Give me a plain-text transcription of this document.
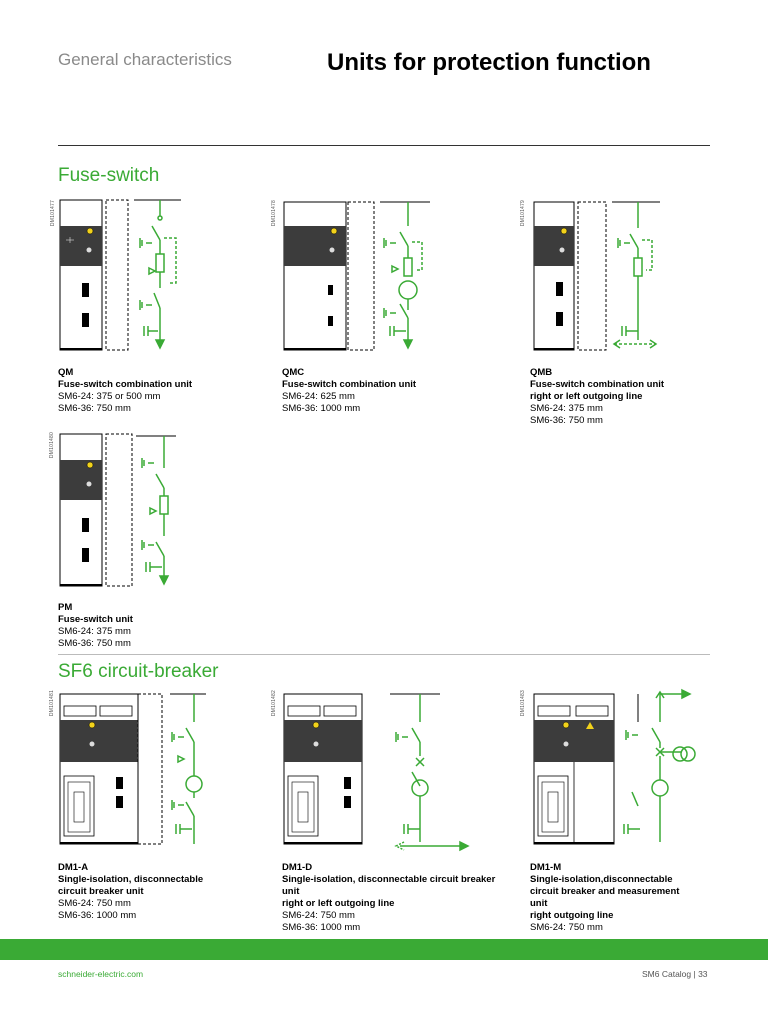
General characteristics	Units for protection function
Fuse-switch
DM101477
QM
Fuse-switch combination unit
SM6-24: 375 or 500 mm
SM6-36: 750 mm
DM101478
QMC
Fuse-switch combination unit
SM6-24: 625 mm
SM6-36: 1000 mm
DM101479
QMB
Fuse-switch combination unit
right or left outgoing line
SM6-24: 375 mm
SM6-36: 750 mm
DM101480
PM
Fuse-switch unit
SM6-24: 375 mm
SM6-36: 750 mm
SF6 circuit-breaker
DM101481
DM1-A
Single-isolation, disconnectable
circuit breaker unit
SM6-24: 750 mm
SM6-36: 1000 mm
DM101482
DM1-D
Single-isolation, disconnectable circuit breaker
unit
right or left outgoing line
SM6-24: 750 mm
SM6-36: 1000 mm
DM101483
DM1-M
Single-isolation,disconnectable
circuit breaker and measurement
unit
right outgoing line
SM6-24: 750 mm
schneider-electric.com	SM6 Catalog | 33
